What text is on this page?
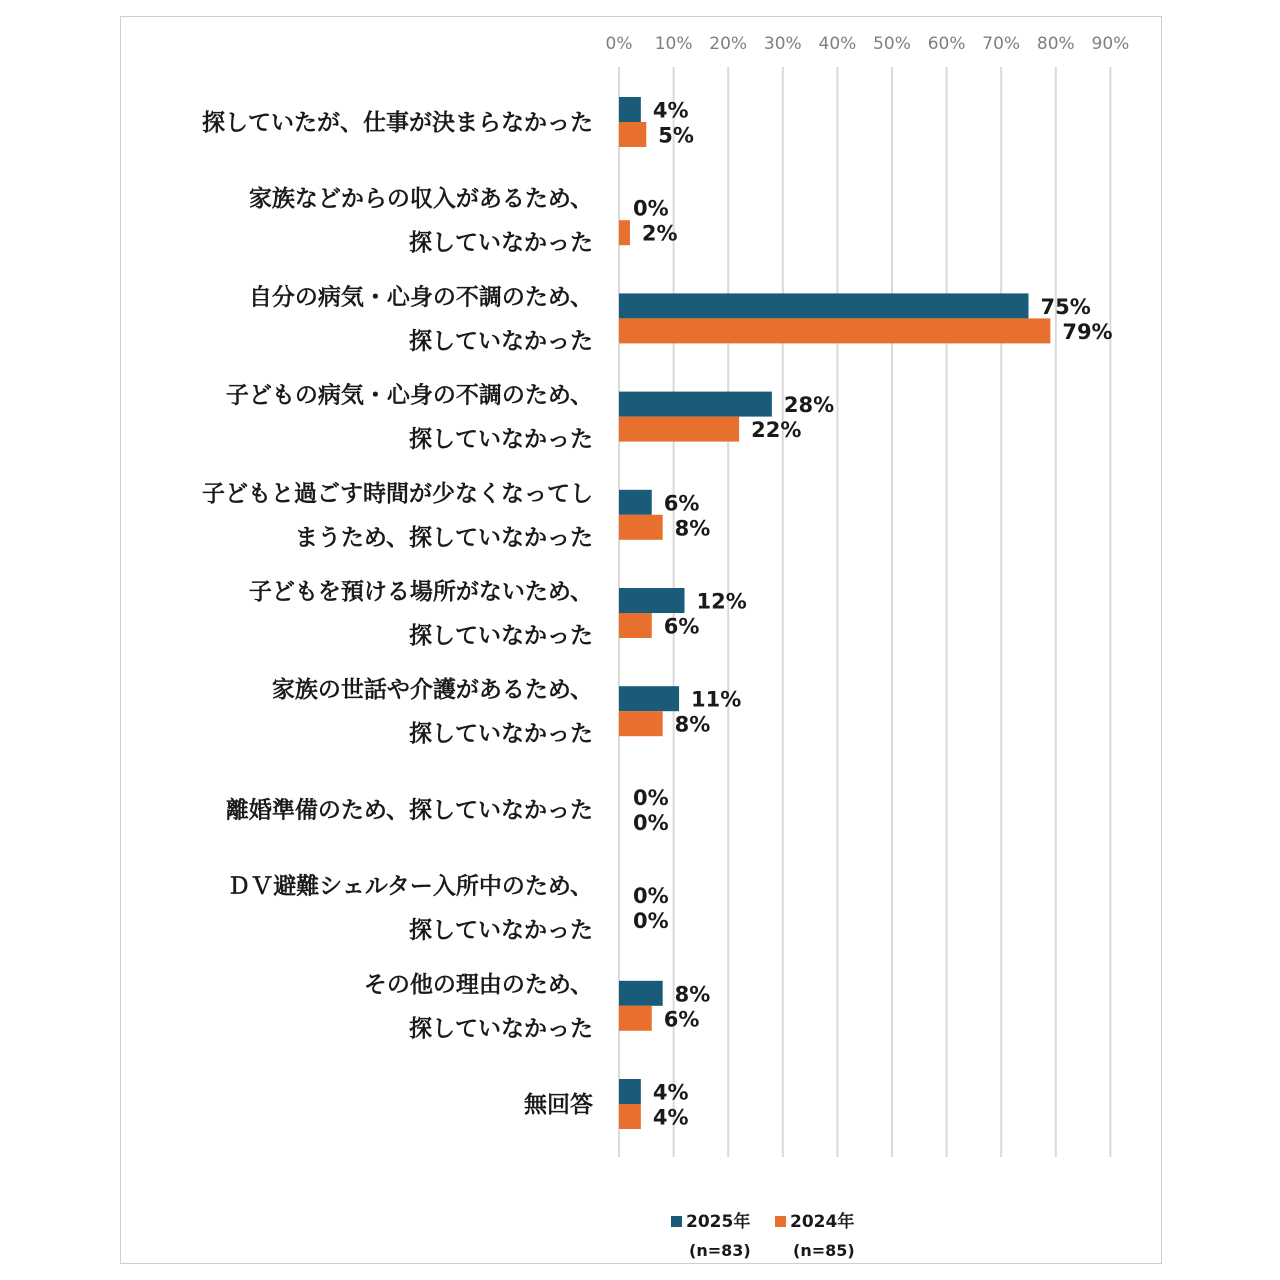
0% 10% 20% 30% 40% 50% 60% 70% 80% 90%
探していたが、仕事が決まらなかった
家族などからの収入があるため、
探していなかった
自分の病気・心身の不調のため、
探していなかった
子どもの病気・心身の不調のため、
探していなかった
子どもと過ごす時間が少なくなってし
まうため、探していなかった
子どもを預ける場所がないため、
探していなかった
家族の世話や介護があるため、
探していなかった
離婚準備のため、探していなかった
ＤＶ避難シェルター入所中のため、
探していなかった
その他の理由のため、
探していなかった
無回答
4%
5%
0%
2%
75%
79%
28%
22%
6%
8%
12%
6%
11%
8%
0%
0%
0%
0%
8%
6%
4%
4%
2025年	2024年
(n=83)	(n=85)
